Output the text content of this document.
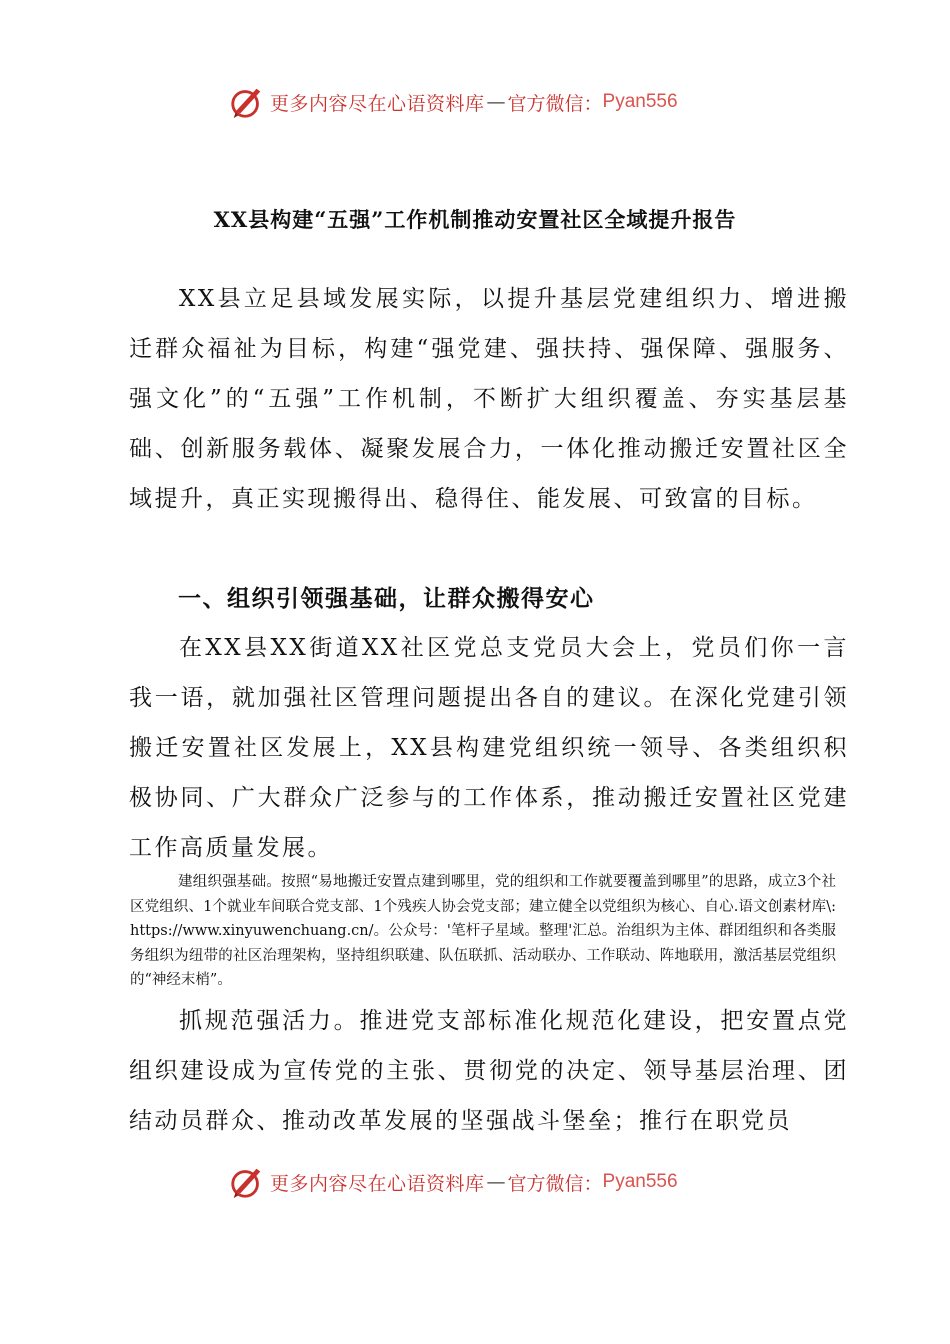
更多内容尽在心语资料库 — 官方微信： Pyan556
XX县构建“五强”工作机制推动安置社区全域提升报告

XX县立足县域发展实际，以提升基层党建组织力、增进搬迁群众福祉为目标，构建“强党建、强扶持、强保障、强服务、强文化”的“五强”工作机制，不断扩大组织覆盖、夯实基层基础、创新服务载体、凝聚发展合力，一体化推动搬迁安置社区全域提升，真正实现搬得出、稳得住、能发展、可致富的目标。

一、组织引领强基础，让群众搬得安心

在XX县XX街道XX社区党总支党员大会上，党员们你一言我一语，就加强社区管理问题提出各自的建议。在深化党建引领搬迁安置社区发展上，XX县构建党组织统一领导、各类组织积极协同、广大群众广泛参与的工作体系，推动搬迁安置社区党建工作高质量发展。

建组织强基础。按照“易地搬迁安置点建到哪里，党的组织和工作就要覆盖到哪里”的思路，成立3个社区党组织、1个就业车间联合党支部、1个残疾人协会党支部；建立健全以党组织为核心、自心.语文创素材库\: https://www.xinyuwenchuang.cn/。公众号：'笔杆子星域。整理'汇总。治组织为主体、群团组织和各类服务组织为纽带的社区治理架构，坚持组织联建、队伍联抓、活动联办、工作联动、阵地联用，激活基层党组织的“神经末梢”。

抓规范强活力。推进党支部标准化规范化建设，把安置点党组织建设成为宣传党的主张、贯彻党的决定、领导基层治理、团结动员群众、推动改革发展的坚强战斗堡垒；推行在职党员

更多内容尽在心语资料库 — 官方微信： Pyan556
